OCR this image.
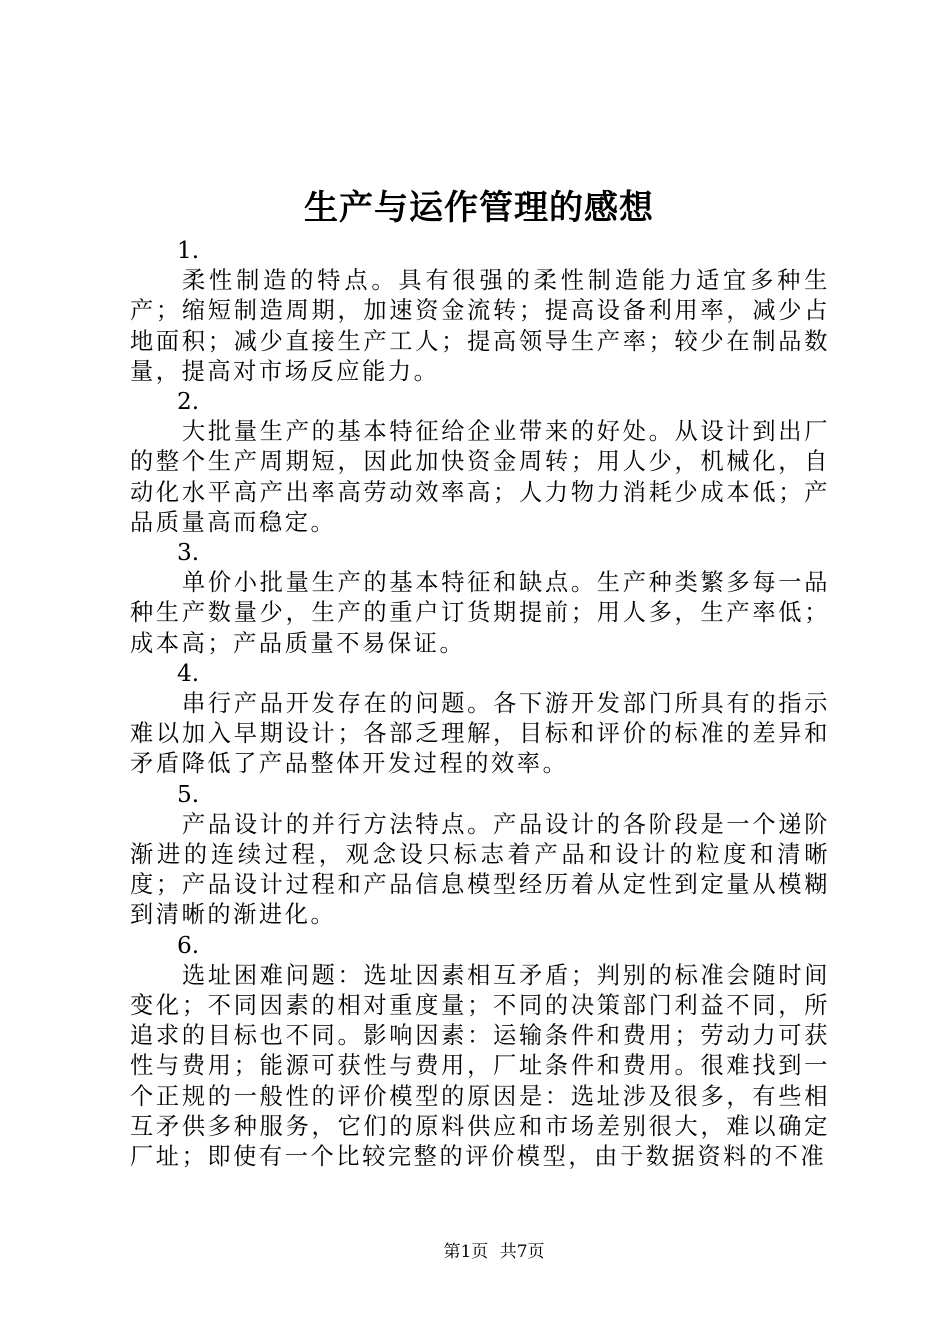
生产与运作管理的感想

1.

柔性制造的特点。具有很强的柔性制造能力适宜多种生产；缩短制造周期，加速资金流转；提高设备利用率，减少占地面积；减少直接生产工人；提高领导生产率；较少在制品数量，提高对市场反应能力。

2.

大批量生产的基本特征给企业带来的好处。从设计到出厂的整个生产周期短，因此加快资金周转；用人少，机械化，自动化水平高产出率高劳动效率高；人力物力消耗少成本低；产品质量高而稳定。

3.

单价小批量生产的基本特征和缺点。生产种类繁多每一品种生产数量少，生产的重户订货期提前；用人多，生产率低；成本高；产品质量不易保证。

4.

串行产品开发存在的问题。各下游开发部门所具有的指示难以加入早期设计；各部乏理解，目标和评价的标准的差异和矛盾降低了产品整体开发过程的效率。

5.

产品设计的并行方法特点。产品设计的各阶段是一个递阶渐进的连续过程，观念设只标志着产品和设计的粒度和清晰度；产品设计过程和产品信息模型经历着从定性到定量从模糊到清晰的渐进化。

6.

选址困难问题：选址因素相互矛盾；判别的标准会随时间变化；不同因素的相对重度量；不同的决策部门利益不同，所追求的目标也不同。影响因素：运输条件和费用；劳动力可获性与费用；能源可获性与费用，厂址条件和费用。很难找到一个正规的一般性的评价模型的原因是：选址涉及很多，有些相互矛供多种服务，它们的原料供应和市场差别很大，难以确定厂址；即使有一个比较完整的评价模型，由于数据资料的不准

第1页 共7页
